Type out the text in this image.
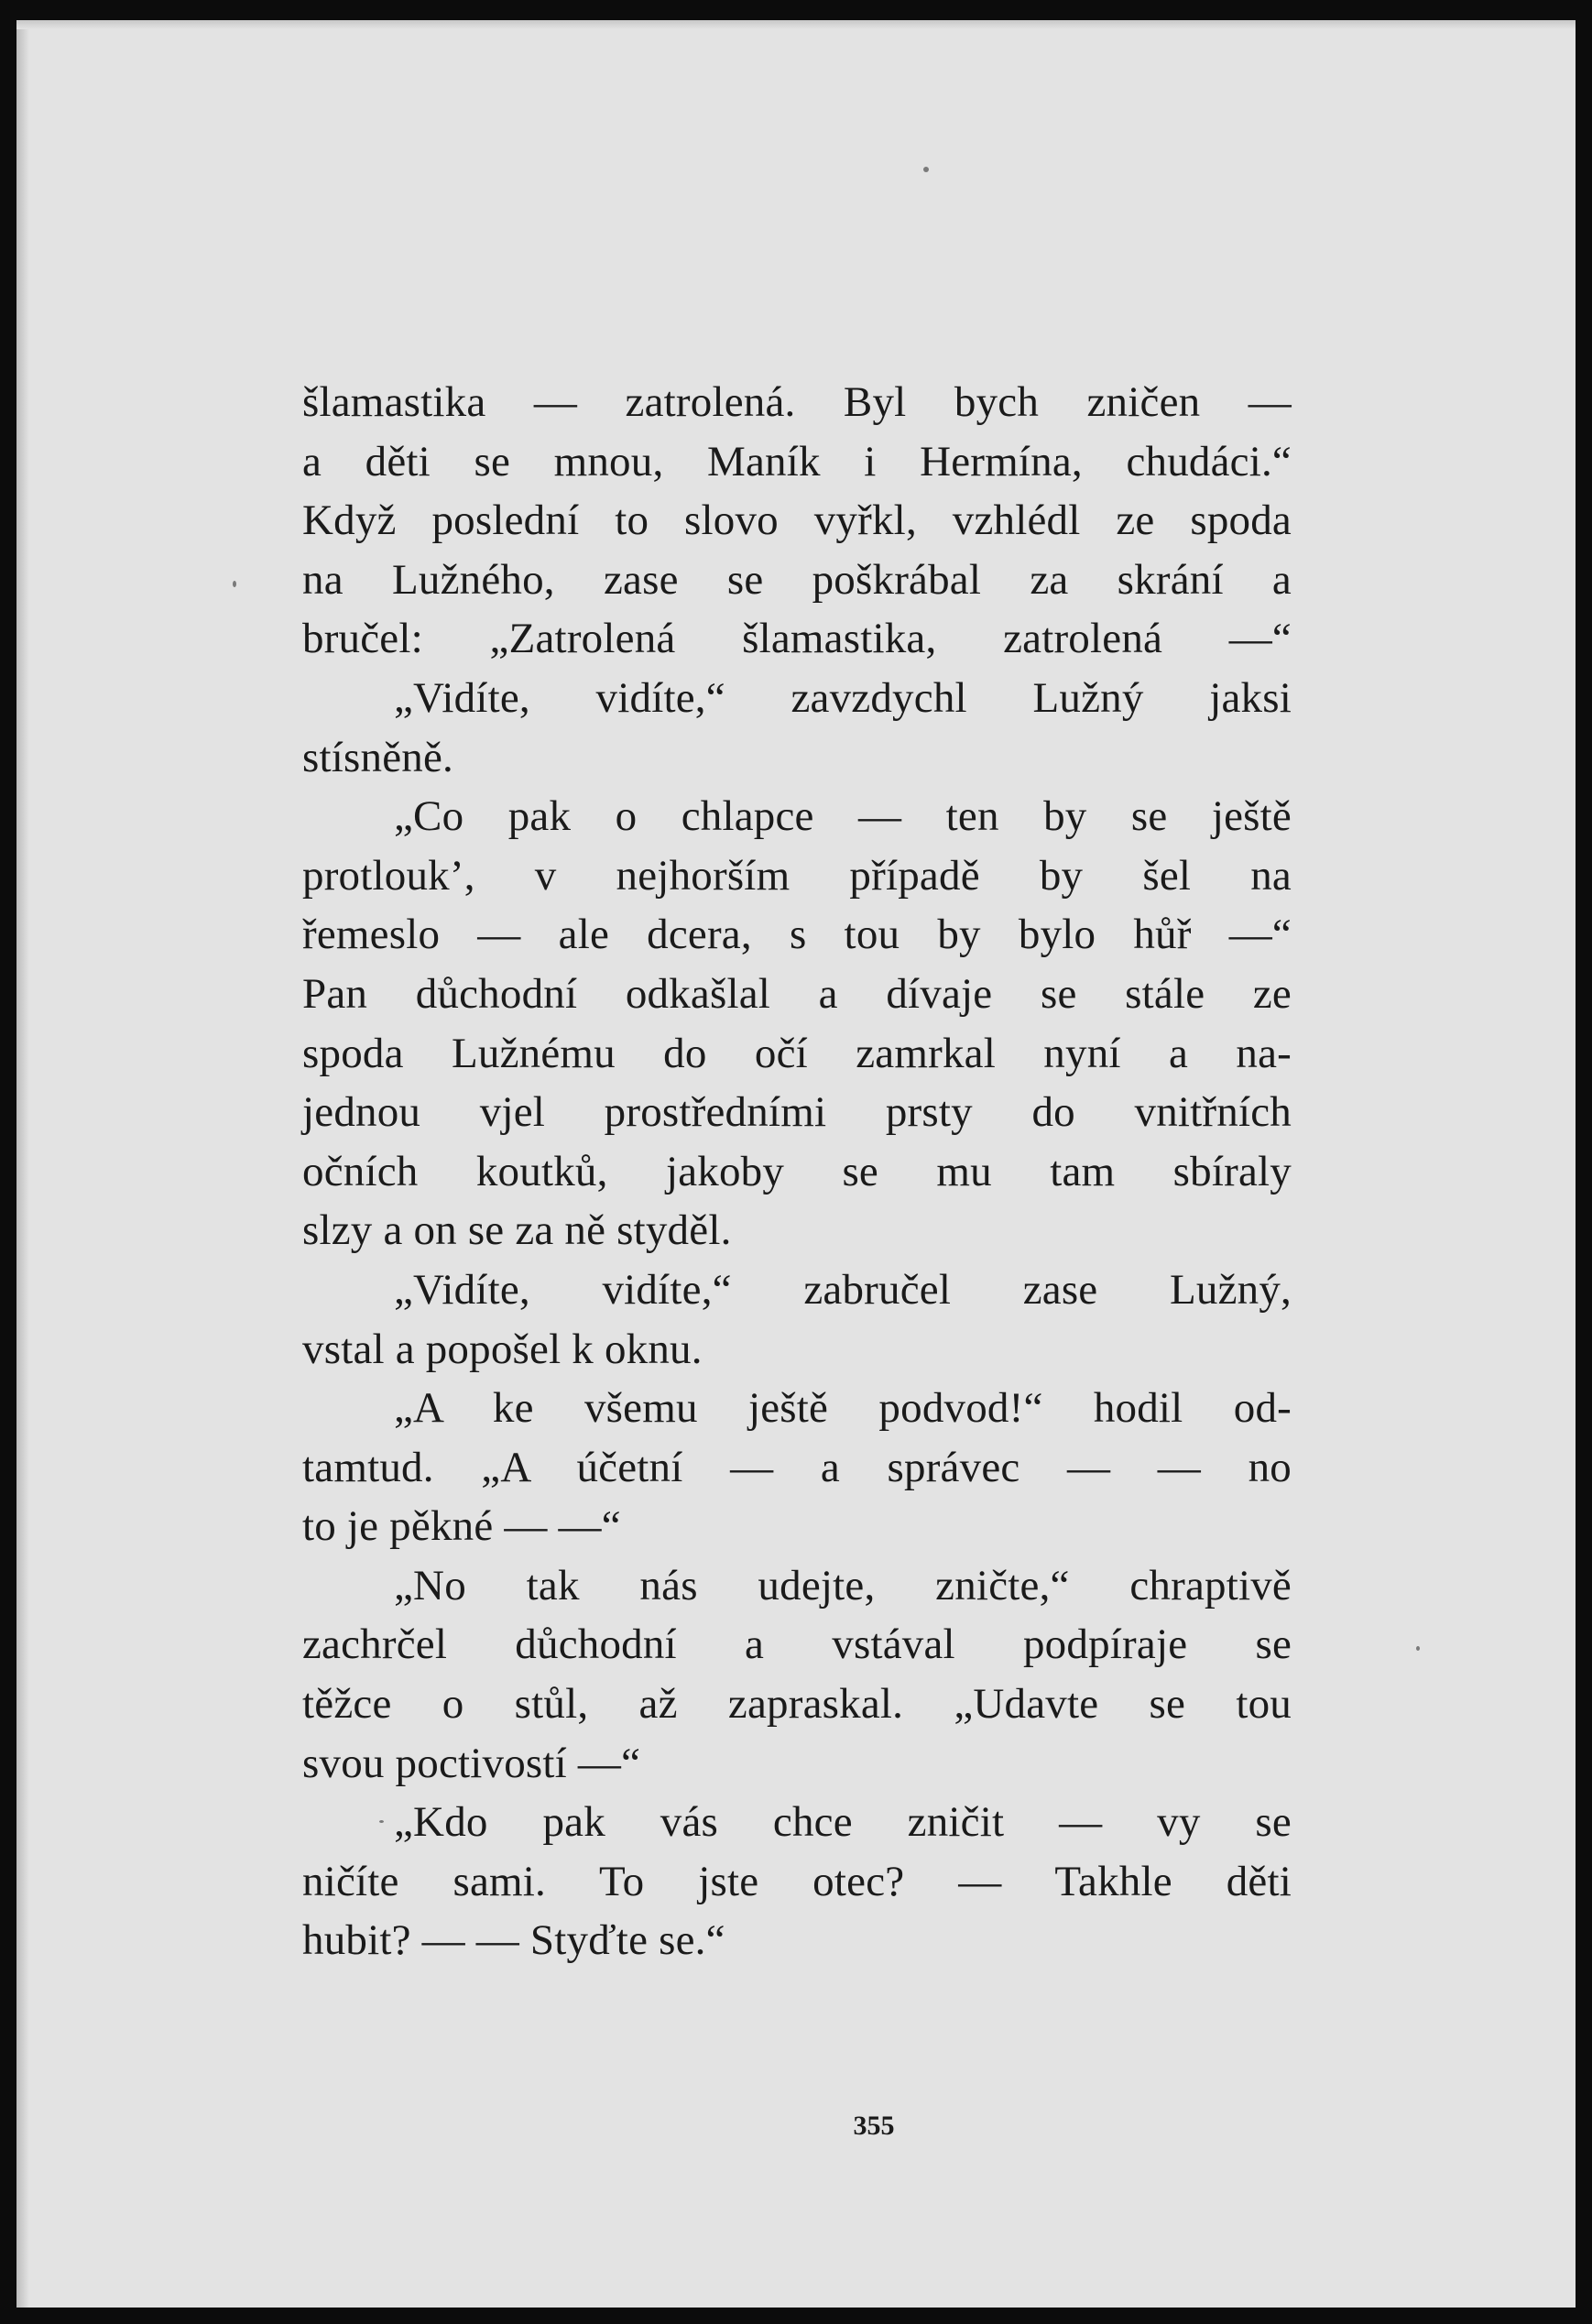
šlamastika — zatrolená. Byl bych zničen —
a děti se mnou, Maník i Hermína, chudáci.“
Když poslední to slovo vyřkl, vzhlédl ze spoda
na Lužného, zase se poškrábal za skrání a
bručel: „Zatrolená šlamastika, zatrolená —“
„Vidíte, vidíte,“ zavzdychl Lužný jaksi
stísněně.
„Co pak o chlapce — ten by se ještě
protlouk’, v nejhorším případě by šel na
řemeslo — ale dcera, s tou by bylo hůř —“
Pan důchodní odkašlal a dívaje se stále ze
spoda Lužnému do očí zamrkal nyní a na-
jednou vjel prostředními prsty do vnitřních
očních koutků, jakoby se mu tam sbíraly
slzy a on se za ně styděl.
„Vidíte, vidíte,“ zabručel zase Lužný,
vstal a popošel k oknu.
„A ke všemu ještě podvod!“ hodil od-
tamtud. „A účetní — a správec — — no
to je pěkné — —“
„No tak nás udejte, zničte,“ chraptivě
zachrčel důchodní a vstával podpíraje se
těžce o stůl, až zapraskal. „Udavte se tou
svou poctivostí —“
„Kdo pak vás chce zničit — vy se
ničíte sami. To jste otec? — Takhle děti
hubit? — — Styďte se.“
355
